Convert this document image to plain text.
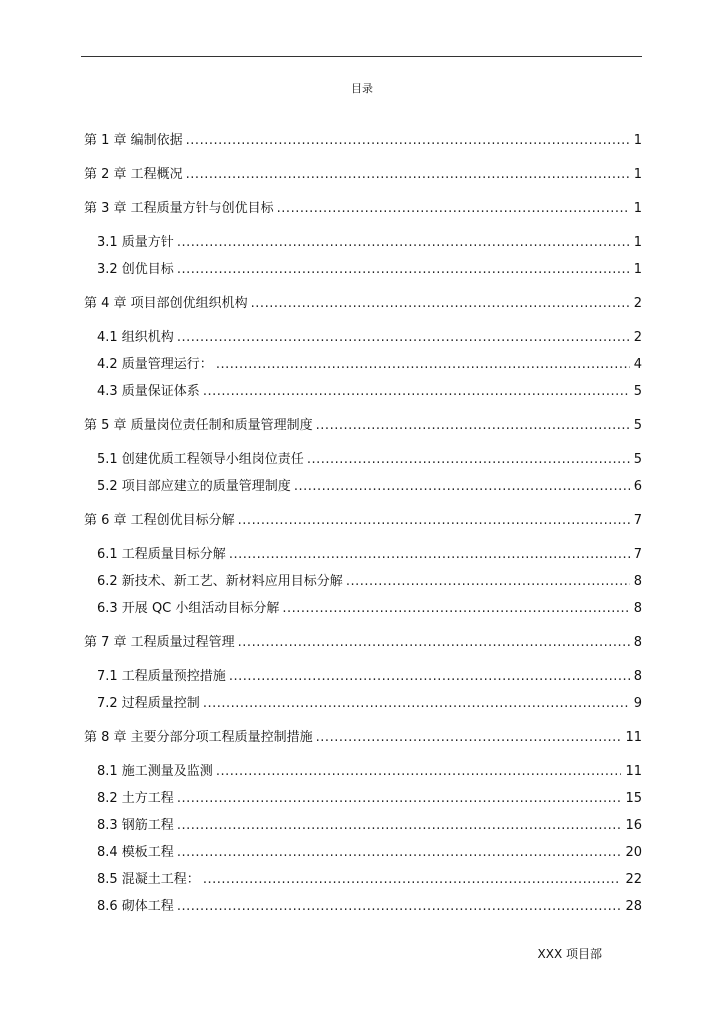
目录
第 1 章 编制依据 .....	1
第 2 章 工程概况 .....	1
第 3 章 工程质量方针与创优目标 .....	1
3.1 质量方针 .....	1
3.2 创优目标 .....	1
第 4 章 项目部创优组织机构 .....	2
4.1 组织机构 .....	2
4.2 质量管理运行： .....	4
4.3 质量保证体系 .....	5
第 5 章 质量岗位责任制和质量管理制度 .....	5
5.1 创建优质工程领导小组岗位责任 .....	5
5.2 项目部应建立的质量管理制度 .....	6
第 6 章 工程创优目标分解 .....	7
6.1 工程质量目标分解 .....	7
6.2 新技术、新工艺、新材料应用目标分解 .....	8
6.3 开展 QC 小组活动目标分解 .....	8
第 7 章 工程质量过程管理 .....	8
7.1 工程质量预控措施 .....	8
7.2 过程质量控制 .....	9
第 8 章 主要分部分项工程质量控制措施 .....	11
8.1 施工测量及监测 .....	11
8.2 土方工程 .....	15
8.3 钢筋工程 .....	16
8.4 模板工程 .....	20
8.5 混凝土工程： .....	22
8.6 砌体工程 .....	28
XXX 项目部
